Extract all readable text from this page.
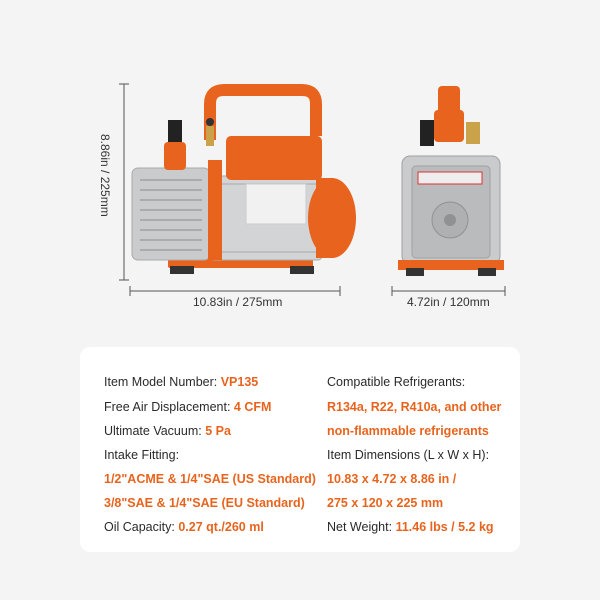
8.86in / 225mm
10.83in / 275mm	4.72in / 120mm
Item Model Number: VP135
Free Air Displacement: 4 CFM
Ultimate Vacuum: 5 Pa
Intake Fitting:
1/2"ACME & 1/4"SAE (US Standard)
3/8"SAE & 1/4"SAE (EU Standard)
Oil Capacity: 0.27 qt./260 ml
Compatible Refrigerants:
R134a, R22, R410a, and other
non-flammable refrigerants
Item Dimensions (L x W x H):
10.83 x 4.72 x 8.86 in /
275 x 120 x 225 mm
Net Weight: 11.46 lbs / 5.2 kg
